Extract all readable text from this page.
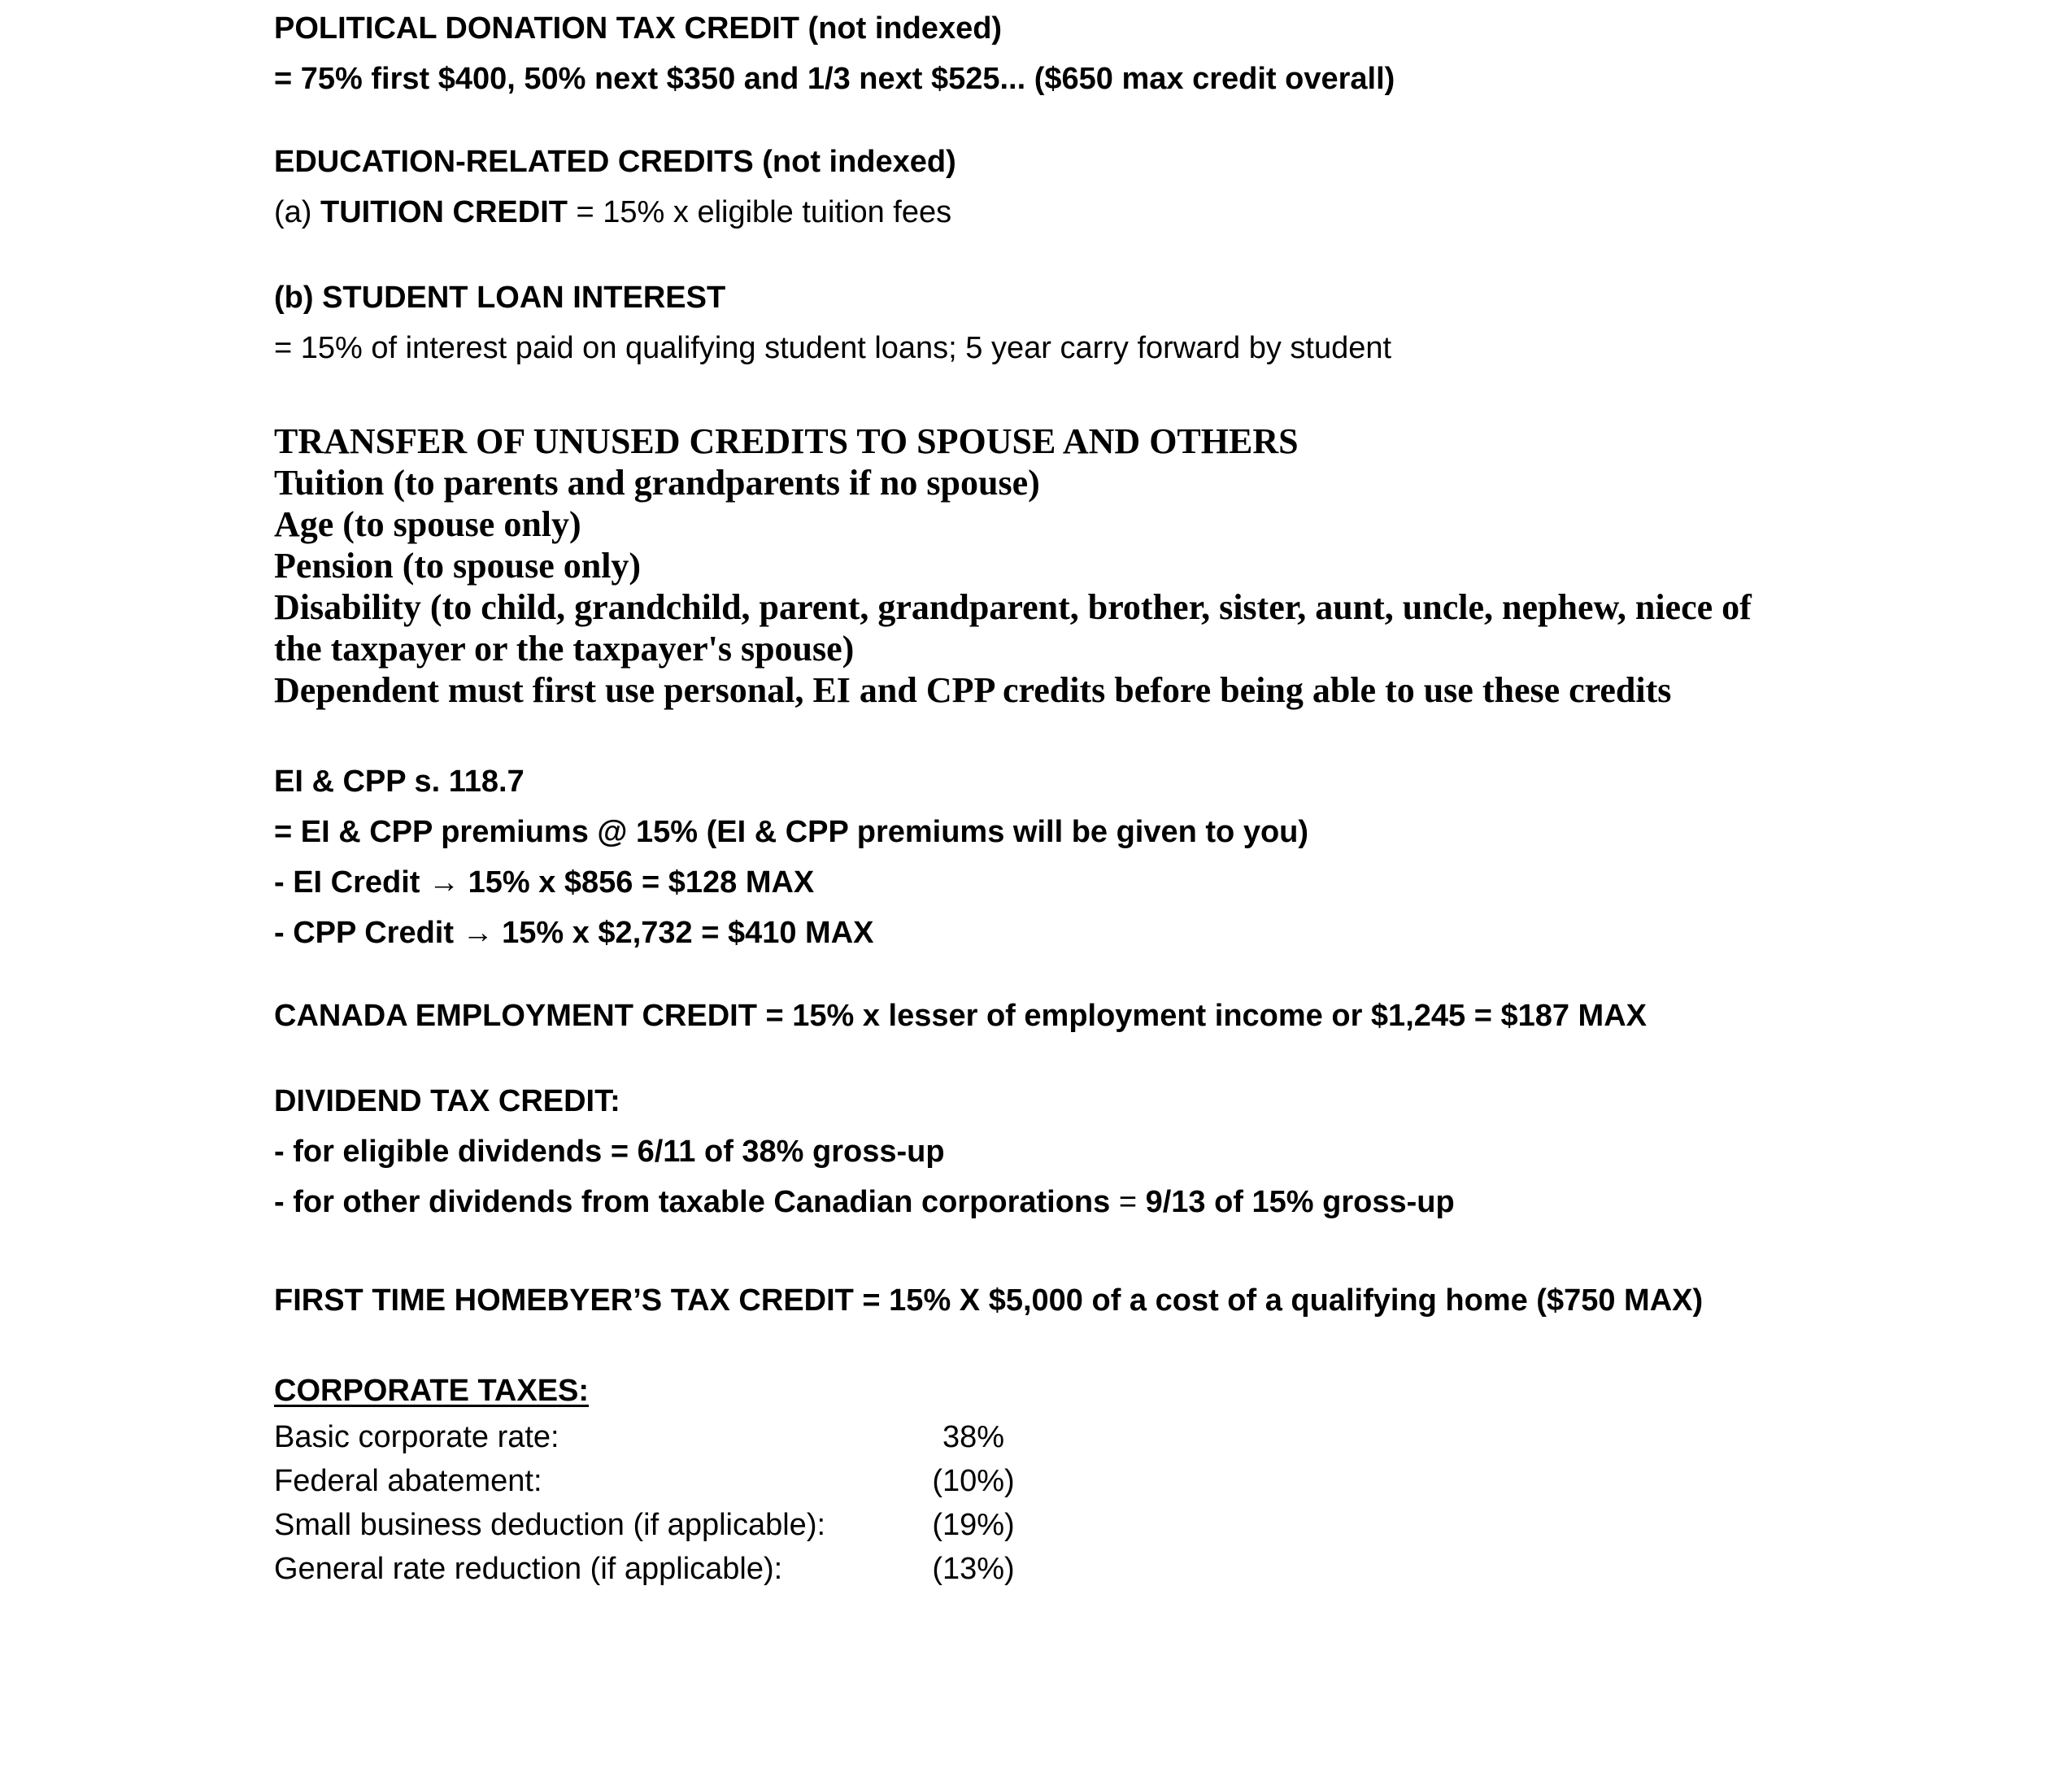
POLITICAL DONATION TAX CREDIT (not indexed)
= 75% first $400, 50% next $350 and 1/3 next $525... ($650 max credit overall)
EDUCATION-RELATED CREDITS (not indexed)
(a) TUITION CREDIT = 15% x eligible tuition fees
(b) STUDENT LOAN INTEREST
= 15% of interest paid on qualifying student loans; 5 year carry forward by student
TRANSFER OF UNUSED CREDITS TO SPOUSE AND OTHERS
Tuition (to parents and grandparents if no spouse)
Age (to spouse only)
Pension (to spouse only)
Disability (to child, grandchild, parent, grandparent, brother, sister, aunt, uncle, nephew, niece of
the taxpayer or the taxpayer's spouse)
Dependent must first use personal, EI and CPP credits before being able to use these credits
EI & CPP s. 118.7
= EI & CPP premiums @ 15% (EI & CPP premiums will be given to you)
- EI Credit → 15% x $856 = $128 MAX
- CPP Credit → 15% x $2,732 = $410 MAX
CANADA EMPLOYMENT CREDIT = 15% x lesser of employment income or $1,245 = $187 MAX
DIVIDEND TAX CREDIT:
- for eligible dividends = 6/11 of 38% gross-up
- for other dividends from taxable Canadian corporations = 9/13 of 15% gross-up
FIRST TIME HOMEBYER’S TAX CREDIT = 15% X $5,000 of a cost of a qualifying home ($750 MAX)
CORPORATE TAXES:
Basic corporate rate:	38%
Federal abatement:	(10%)
Small business deduction (if applicable):	(19%)
General rate reduction (if applicable):	(13%)
